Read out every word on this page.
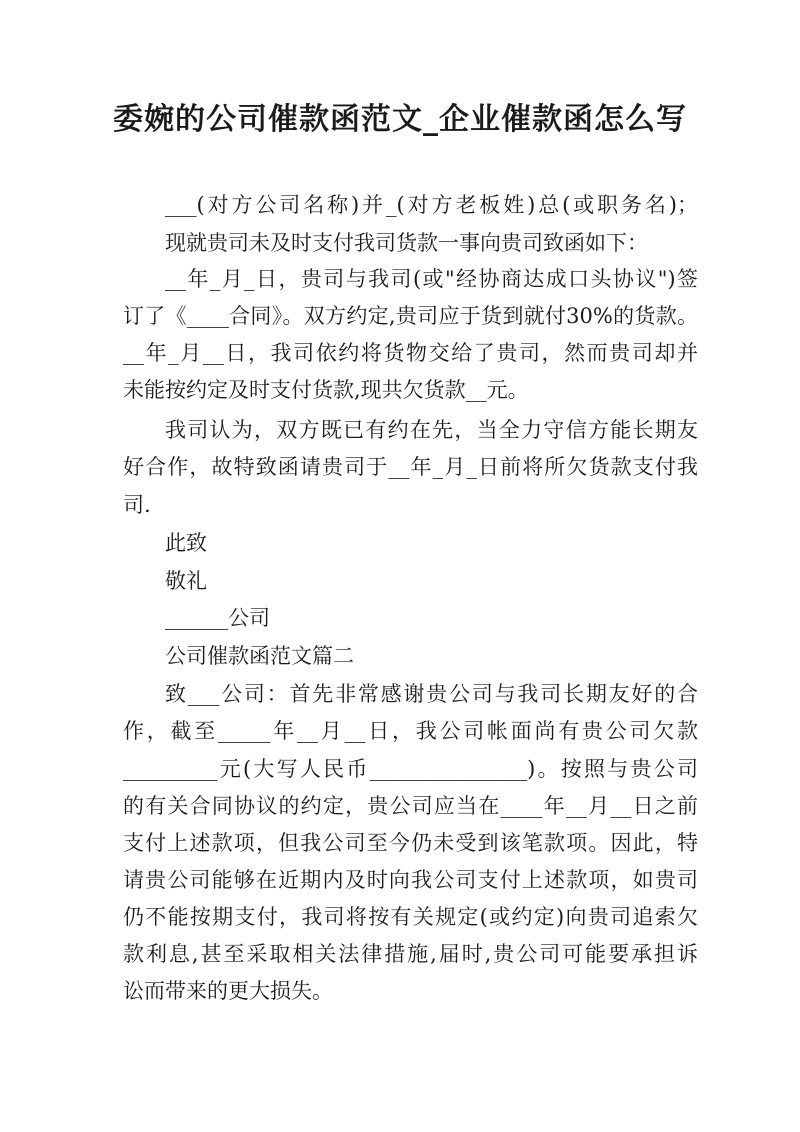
委婉的公司催款函范文_企业催款函怎么写
___(对方公司名称)并_(对方老板姓)总(或职务名)；
现就贵司未及时支付我司货款一事向贵司致函如下：
__年_月_日，贵司与我司(或"经协商达成口头协议")签
订了《____合同》。双方约定,贵司应于货到就付30%的货款。
__年_月__日，我司依约将货物交给了贵司，然而贵司却并
未能按约定及时支付货款,现共欠货款__元。
我司认为，双方既已有约在先，当全力守信方能长期友
好合作，故特致函请贵司于__年_月_日前将所欠货款支付我
司.
此致
敬礼
______公司
公司催款函范文篇二
致___公司：首先非常感谢贵公司与我司长期友好的合
作，截至_____年__月__日，我公司帐面尚有贵公司欠款
_________元(大写人民币_______________)。按照与贵公司
的有关合同协议的约定，贵公司应当在____年__月__日之前
支付上述款项，但我公司至今仍未受到该笔款项。因此，特
请贵公司能够在近期内及时向我公司支付上述款项，如贵司
仍不能按期支付，我司将按有关规定(或约定)向贵司追索欠
款利息,甚至采取相关法律措施,届时,贵公司可能要承担诉
讼而带来的更大损失。
